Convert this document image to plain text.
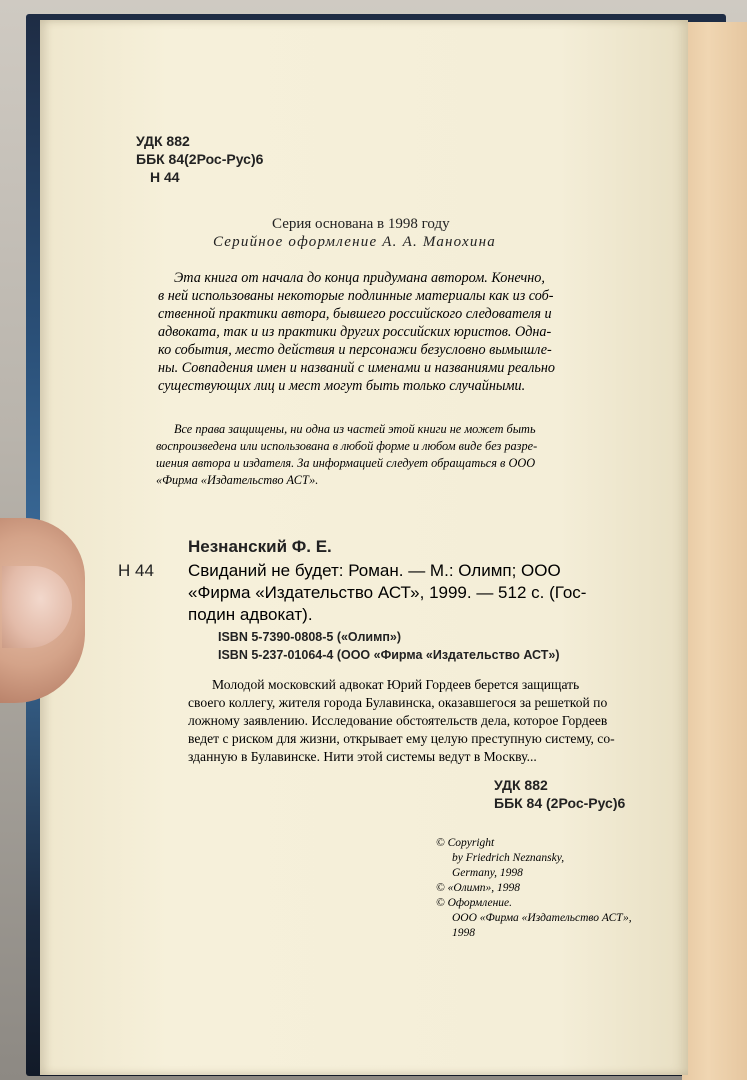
УДК 882
ББК 84(2Рос-Рус)6
Н 44
Серия основана в 1998 году
Серийное оформление А. А. Манохина
Эта книга от начала до конца придумана автором. Конечно,
в ней использованы некоторые подлинные материалы как из соб-
ственной практики автора, бывшего российского следователя и
адвоката, так и из практики других российских юристов. Одна-
ко события, место действия и персонажи безусловно вымышле-
ны. Совпадения имен и названий с именами и названиями реально
существующих лиц и мест могут быть только случайными.
Все права защищены, ни одна из частей этой книги не может быть
воспроизведена или использована в любой форме и любом виде без разре-
шения автора и издателя. За информацией следует обращаться в ООО
«Фирма «Издательство АСТ».
Незнанский Ф. Е.
Н 44 Свиданий не будет: Роман. — М.: Олимп; ООО
«Фирма «Издательство АСТ», 1999. — 512 с. (Гос-
подин адвокат).
ISBN 5-7390-0808-5 («Олимп»)
ISBN 5-237-01064-4 (ООО «Фирма «Издательство АСТ»)
Молодой московский адвокат Юрий Гордеев берется защищать
своего коллегу, жителя города Булавинска, оказавшегося за решеткой по
ложному заявлению. Исследование обстоятельств дела, которое Гордеев
ведет с риском для жизни, открывает ему целую преступную систему, со-
зданную в Булавинске. Нити этой системы ведут в Москву...
УДК 882
ББК 84 (2Рос-Рус)6
© Copyright
by Friedrich Neznansky,
Germany, 1998
© «Олимп», 1998
© Оформление.
ООО «Фирма «Издательство АСТ»,
1998
